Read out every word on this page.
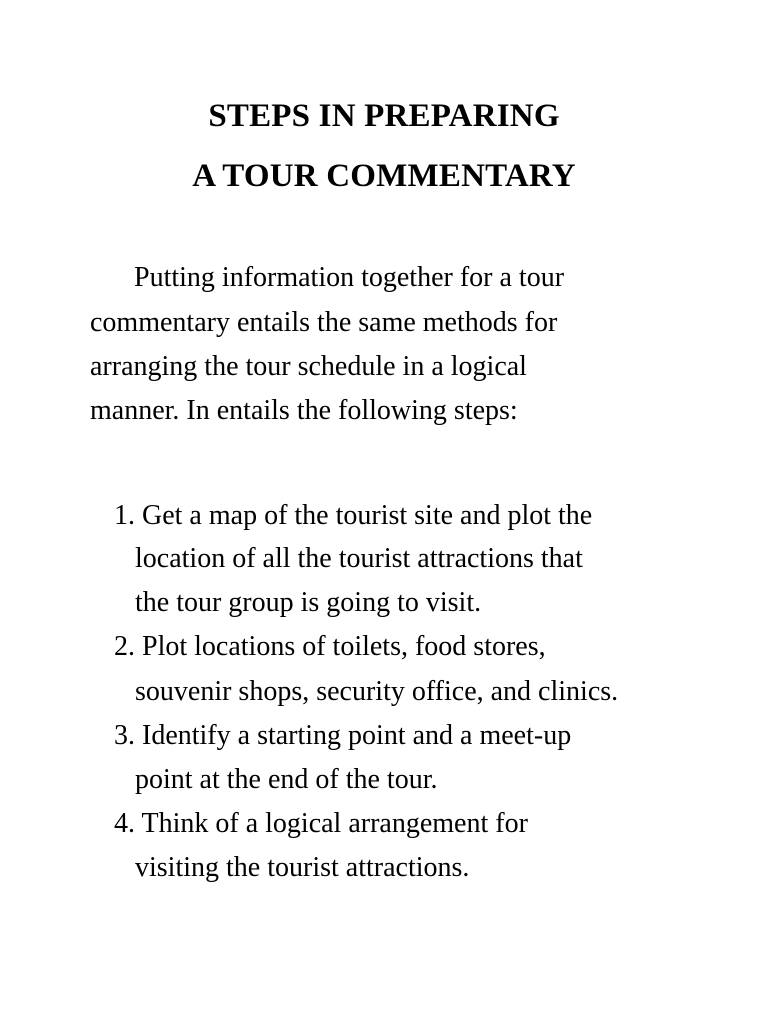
STEPS IN PREPARING
A TOUR COMMENTARY
Putting information together for a tour
commentary entails the same methods for
arranging the tour schedule in a logical
manner. In entails the following steps:
1. Get a map of the tourist site and plot the
location of all the tourist attractions that
the tour group is going to visit.
2. Plot locations of toilets, food stores,
souvenir shops, security office, and clinics.
3. Identify a starting point and a meet-up
point at the end of the tour.
4. Think of a logical arrangement for
visiting the tourist attractions.
